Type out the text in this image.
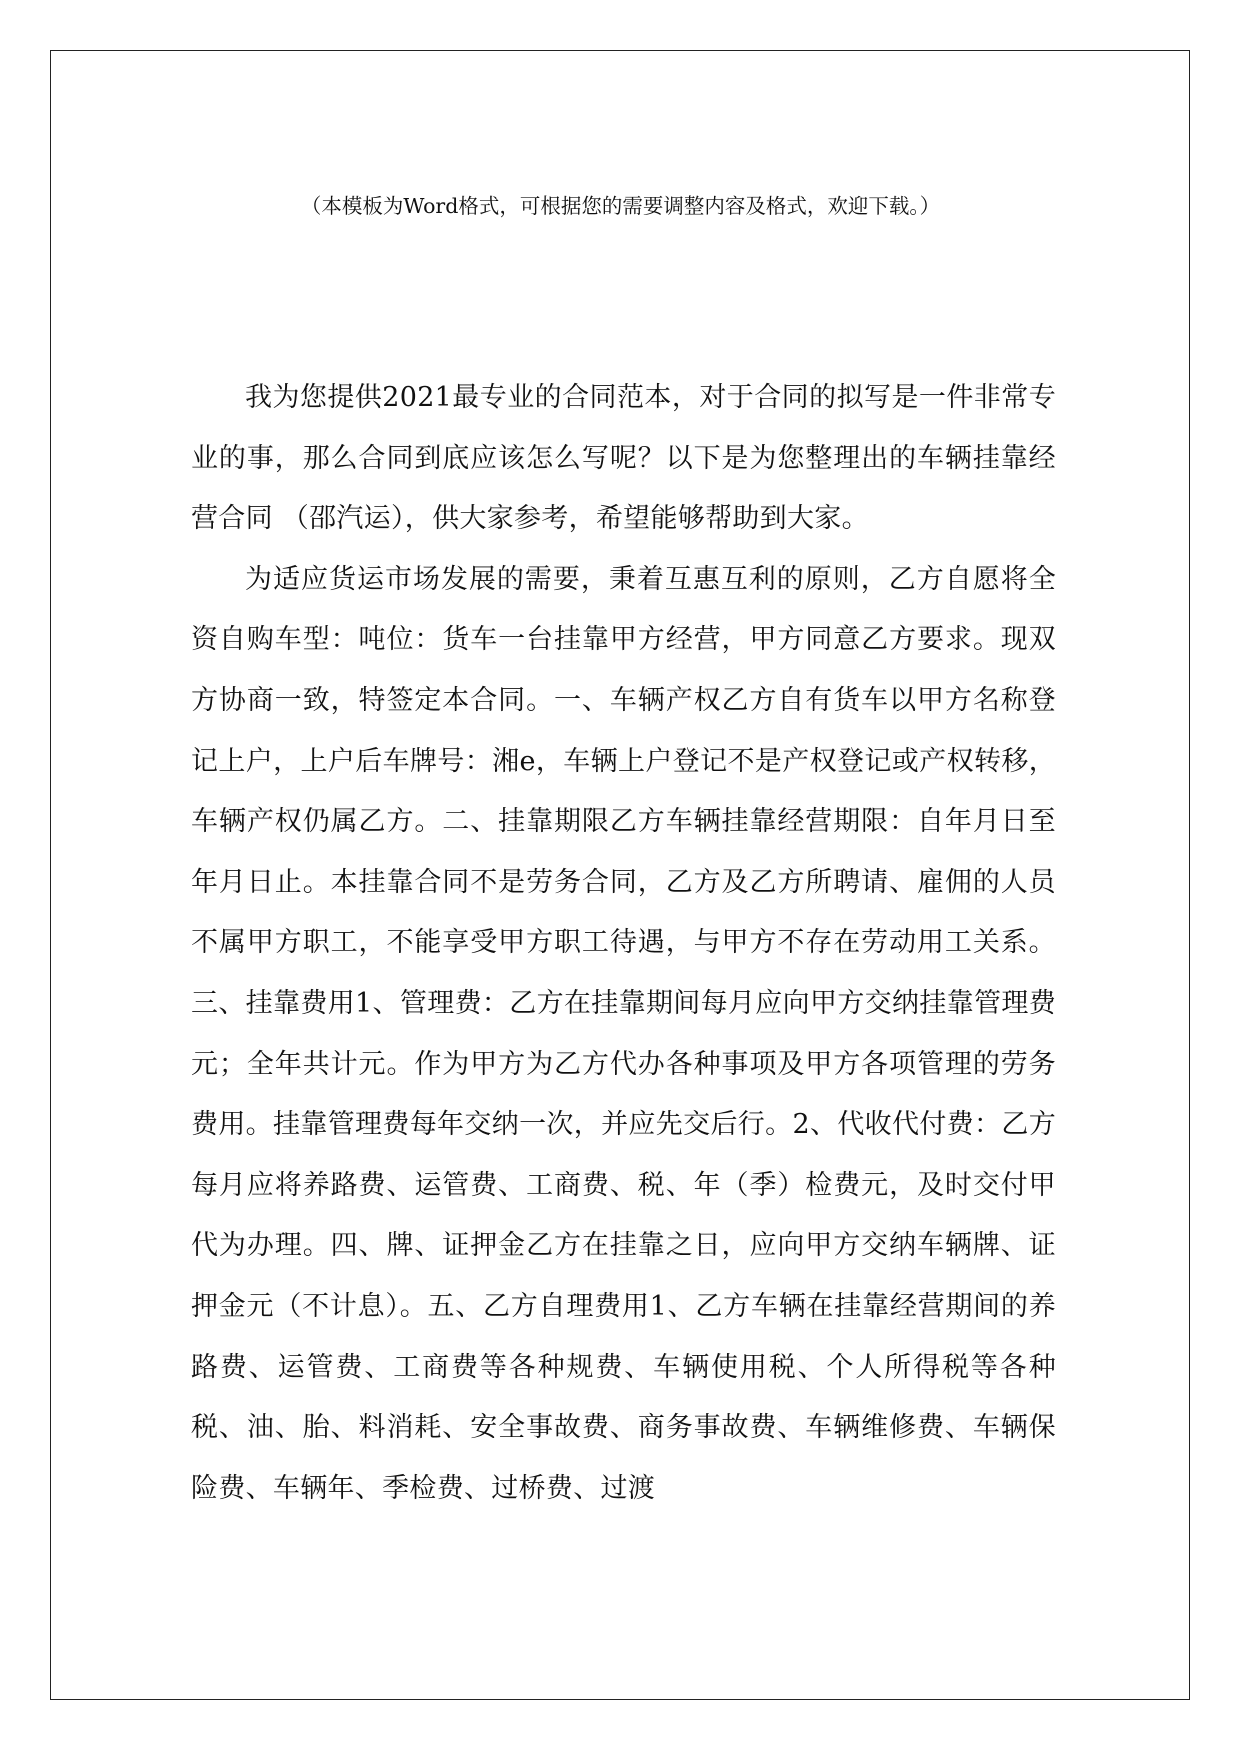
（本模板为Word格式，可根据您的需要调整内容及格式，欢迎下载。）

我为您提供2021最专业的合同范本，对于合同的拟写是一件非常专业的事，那么合同到底应该怎么写呢？以下是为您整理出的车辆挂靠经营合同 （邵汽运），供大家参考，希望能够帮助到大家。

为适应货运市场发展的需要，秉着互惠互利的原则，乙方自愿将全资自购车型：吨位：货车一台挂靠甲方经营，甲方同意乙方要求。现双方协商一致，特签定本合同。一、车辆产权乙方自有货车以甲方名称登记上户，上户后车牌号：湘e，车辆上户登记不是产权登记或产权转移，车辆产权仍属乙方。二、挂靠期限乙方车辆挂靠经营期限：自年月日至年月日止。本挂靠合同不是劳务合同，乙方及乙方所聘请、雇佣的人员不属甲方职工，不能享受甲方职工待遇，与甲方不存在劳动用工关系。三、挂靠费用1、管理费：乙方在挂靠期间每月应向甲方交纳挂靠管理费元；全年共计元。作为甲方为乙方代办各种事项及甲方各项管理的劳务费用。挂靠管理费每年交纳一次，并应先交后行。2、代收代付费：乙方每月应将养路费、运管费、工商费、税、年（季）检费元，及时交付甲代为办理。四、牌、证押金乙方在挂靠之日，应向甲方交纳车辆牌、证押金元（不计息）。五、乙方自理费用1、乙方车辆在挂靠经营期间的养路费、运管费、工商费等各种规费、车辆使用税、个人所得税等各种税、油、胎、料消耗、安全事故费、商务事故费、车辆维修费、车辆保险费、车辆年、季检费、过桥费、过渡
